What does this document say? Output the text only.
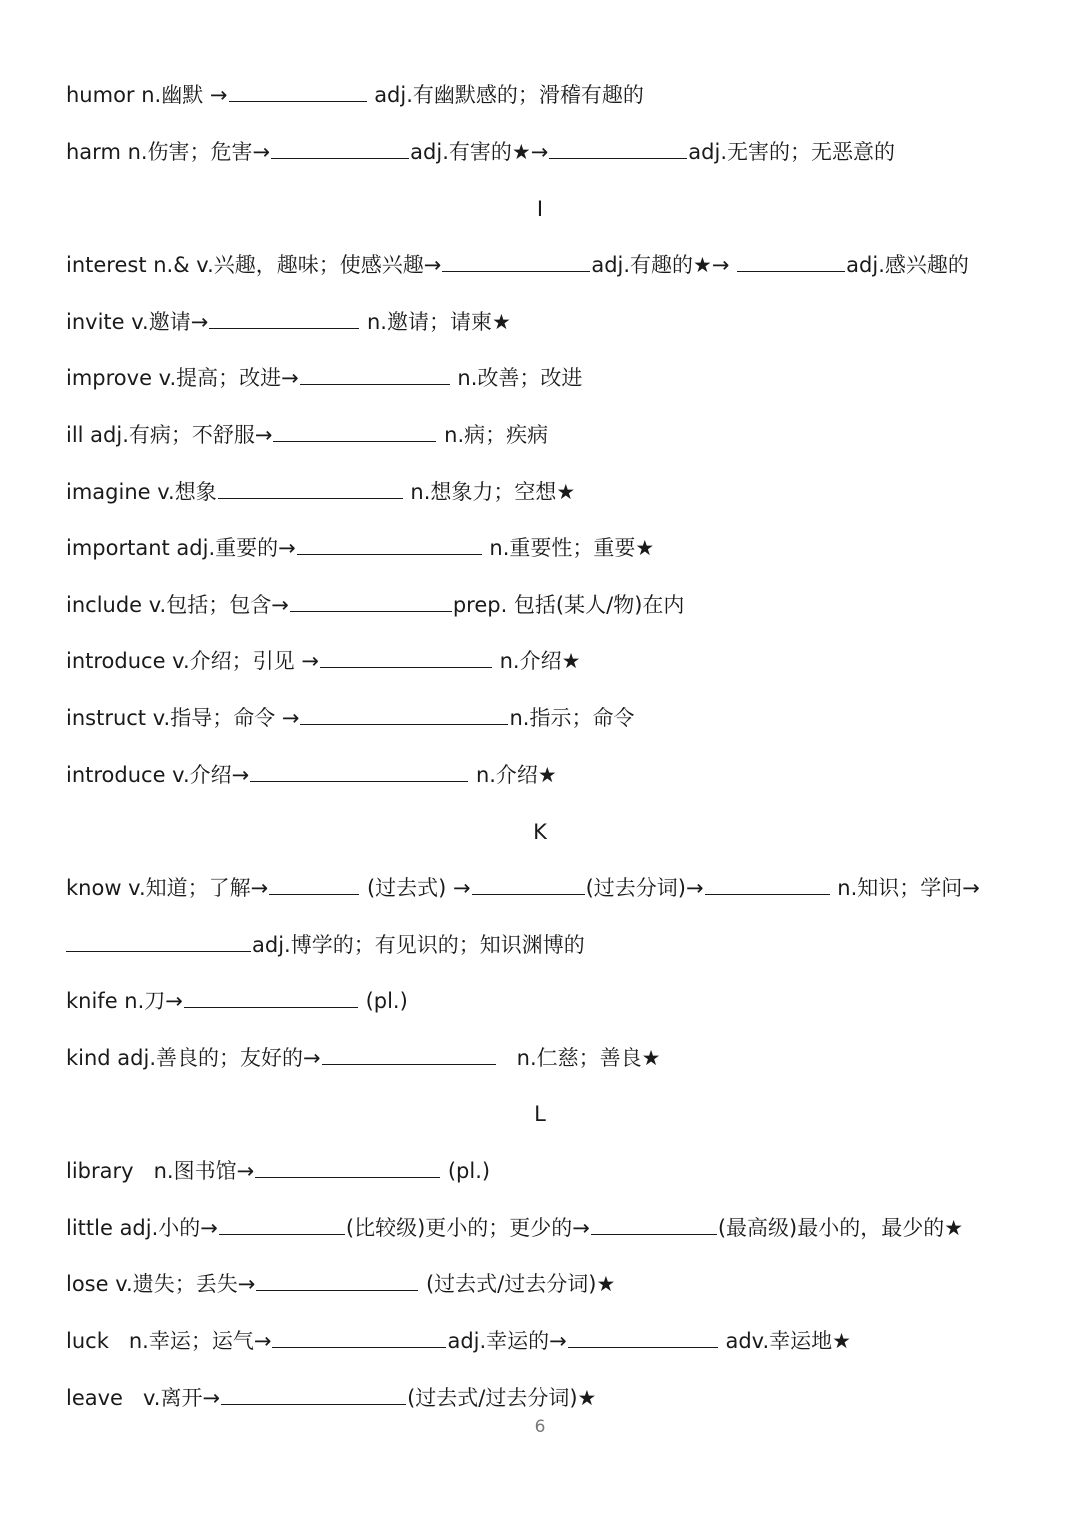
humor n.幽默 →	adj.有幽默感的；滑稽有趣的
harm n.伤害；危害→	adj.有害的★→	adj.无害的；无恶意的
I
interest n.& v.兴趣，趣味；使感兴趣→	adj.有趣的★→	adj.感兴趣的
invite v.邀请→	n.邀请；请柬★
improve v.提高；改进→	n.改善；改进
ill adj.有病；不舒服→	n.病；疾病
imagine v.想象	n.想象力；空想★
important adj.重要的→	n.重要性；重要★
include v.包括；包含→	prep. 包括(某人/物)在内
introduce v.介绍；引见 →	n.介绍★
instruct v.指导；命令 →	n.指示；命令
introduce v.介绍→	n.介绍★
K
know v.知道；了解→	(过去式) →	(过去分词)→	n.知识；学问→
adj.博学的；有见识的；知识渊博的
knife n.刀→	(pl.)
kind adj.善良的；友好的→	n.仁慈；善良★
L
library   n.图书馆→	(pl.)
little adj.小的→	(比较级)更小的；更少的→	(最高级)最小的，最少的★
lose v.遗失；丢失→	(过去式/过去分词)★
luck   n.幸运；运气→	adj.幸运的→	adv.幸运地★
leave   v.离开→	(过去式/过去分词)★
6
